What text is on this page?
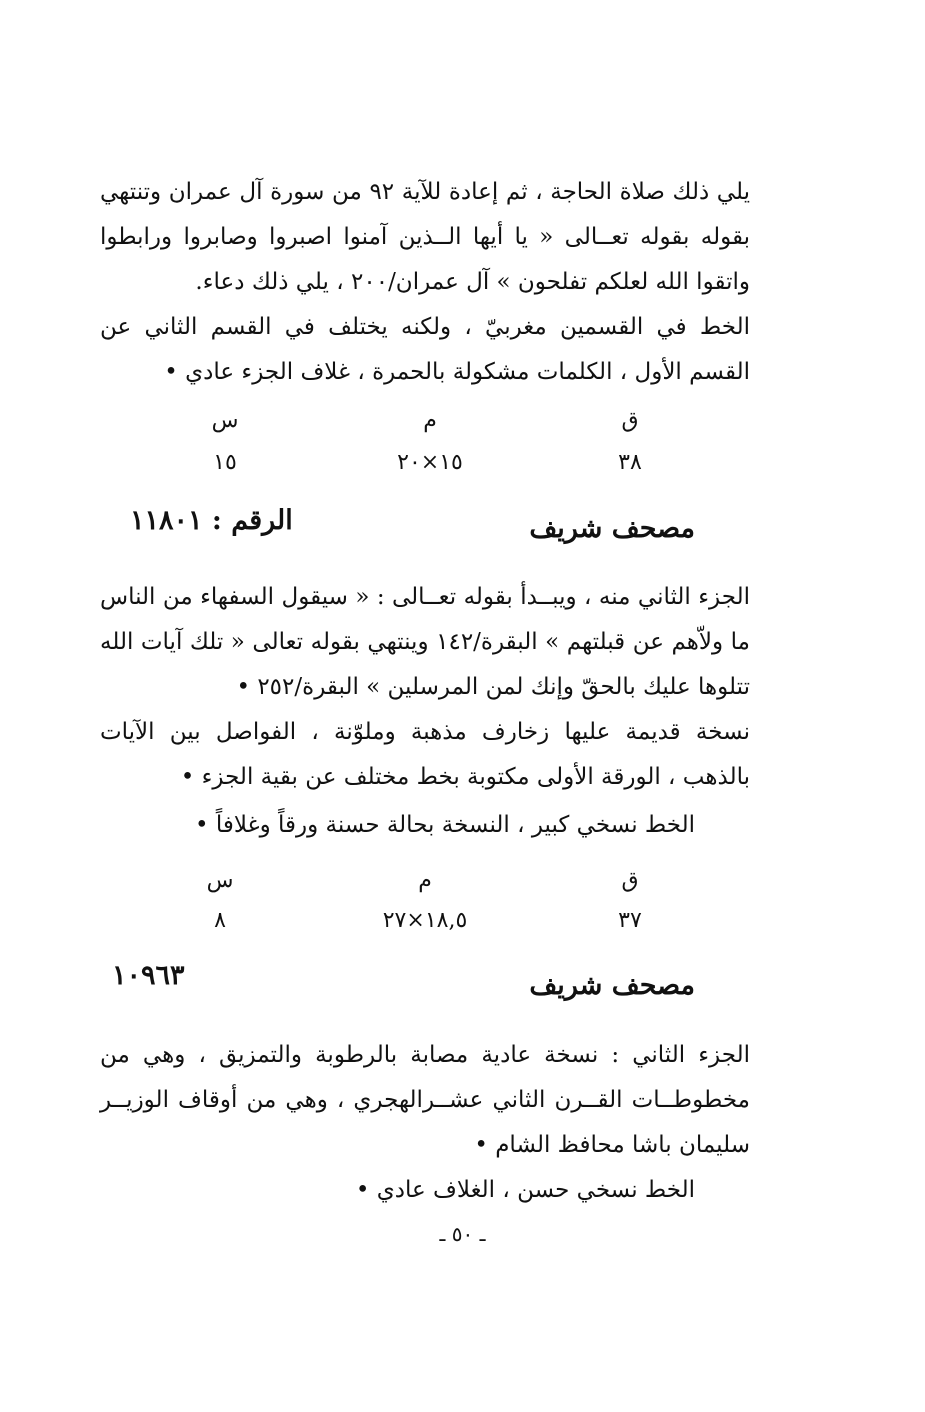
يلي ذلك صلاة الحاجة ، ثم إعادة للآية ٩٢ من سورة آل عمران وتنتهي بقوله بقوله تعــالى « يا أيها الــذين آمنوا اصبروا وصابروا ورابطوا واتقوا الله لعلكم تفلحون » آل عمران/٢٠٠ ، يلي ذلك دعاء.

الخط في القسمين مغربيّ ، ولكنه يختلف في القسم الثاني عن القسم الأول ، الكلمات مشكولة بالحمرة ، غلاف الجزء عادي •

ق
م
س
٣٨
١٥×٢٠
١٥
مصحف شريف
الرقم : ١١٨٠١

الجزء الثاني منه ، ويبــدأ بقوله تعــالى : « سيقول السفهاء من الناس ما ولاّهم عن قبلتهم » البقرة/١٤٢ وينتهي بقوله تعالى « تلك آيات الله تتلوها عليك بالحقّ وإنك لمن المرسلين » البقرة/٢٥٢ •

نسخة قديمة عليها زخارف مذهبة وملوّنة ، الفواصل بين الآيات بالذهب ، الورقة الأولى مكتوبة بخط مختلف عن بقية الجزء •

الخط نسخي كبير ، النسخة بحالة حسنة ورقاً وغلافاً •

ق
م
س
٣٧
١٨,٥×٢٧
٨
مصحف شريف
١٠٩٦٣

الجزء الثاني : نسخة عادية مصابة بالرطوبة والتمزيق ، وهي من مخطوطــات القــرن الثاني عشــرالهجري ، وهي من أوقاف الوزيــر سليمان باشا محافظ الشام •

الخط نسخي حسن ، الغلاف عادي •

ـ ٥٠ ـ
